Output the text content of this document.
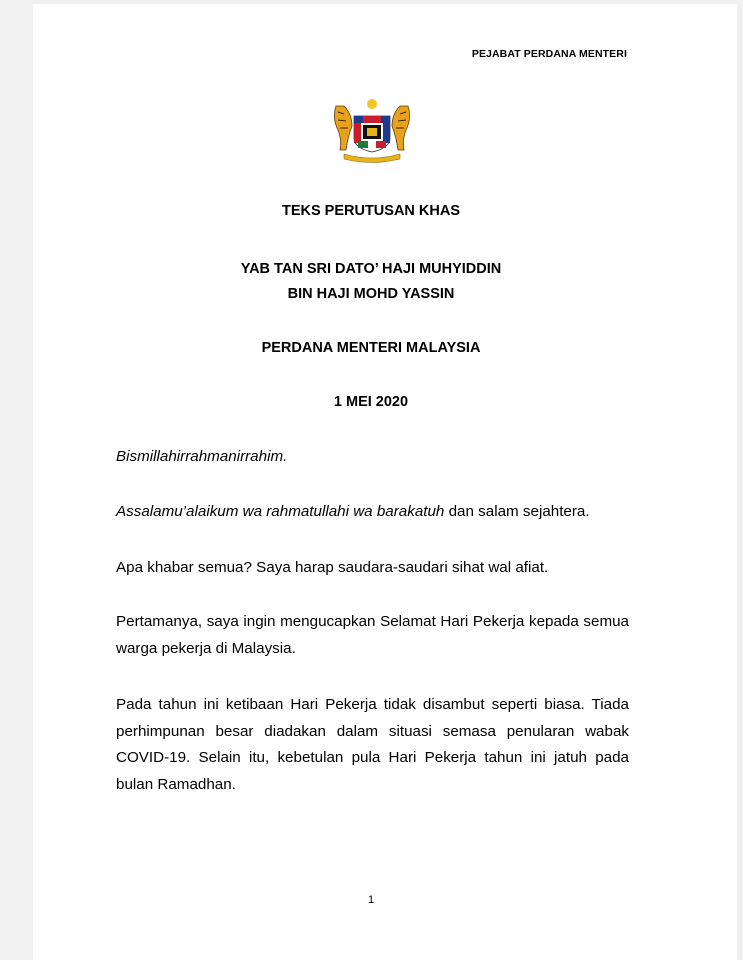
PEJABAT PERDANA MENTERI
TEKS PERUTUSAN KHAS
YAB TAN SRI DATO’ HAJI MUHYIDDIN
BIN HAJI MOHD YASSIN
PERDANA MENTERI MALAYSIA
1 MEI 2020
Bismillahirrahmanirrahim.
Assalamu’alaikum wa rahmatullahi wa barakatuh dan salam sejahtera.
Apa khabar semua? Saya harap saudara-saudari sihat wal afiat.
Pertamanya, saya ingin mengucapkan Selamat Hari Pekerja kepada semua warga pekerja di Malaysia.
Pada tahun ini ketibaan Hari Pekerja tidak disambut seperti biasa. Tiada perhimpunan besar diadakan dalam situasi semasa penularan wabak COVID-19. Selain itu, kebetulan pula Hari Pekerja tahun ini jatuh pada bulan Ramadhan.
1
